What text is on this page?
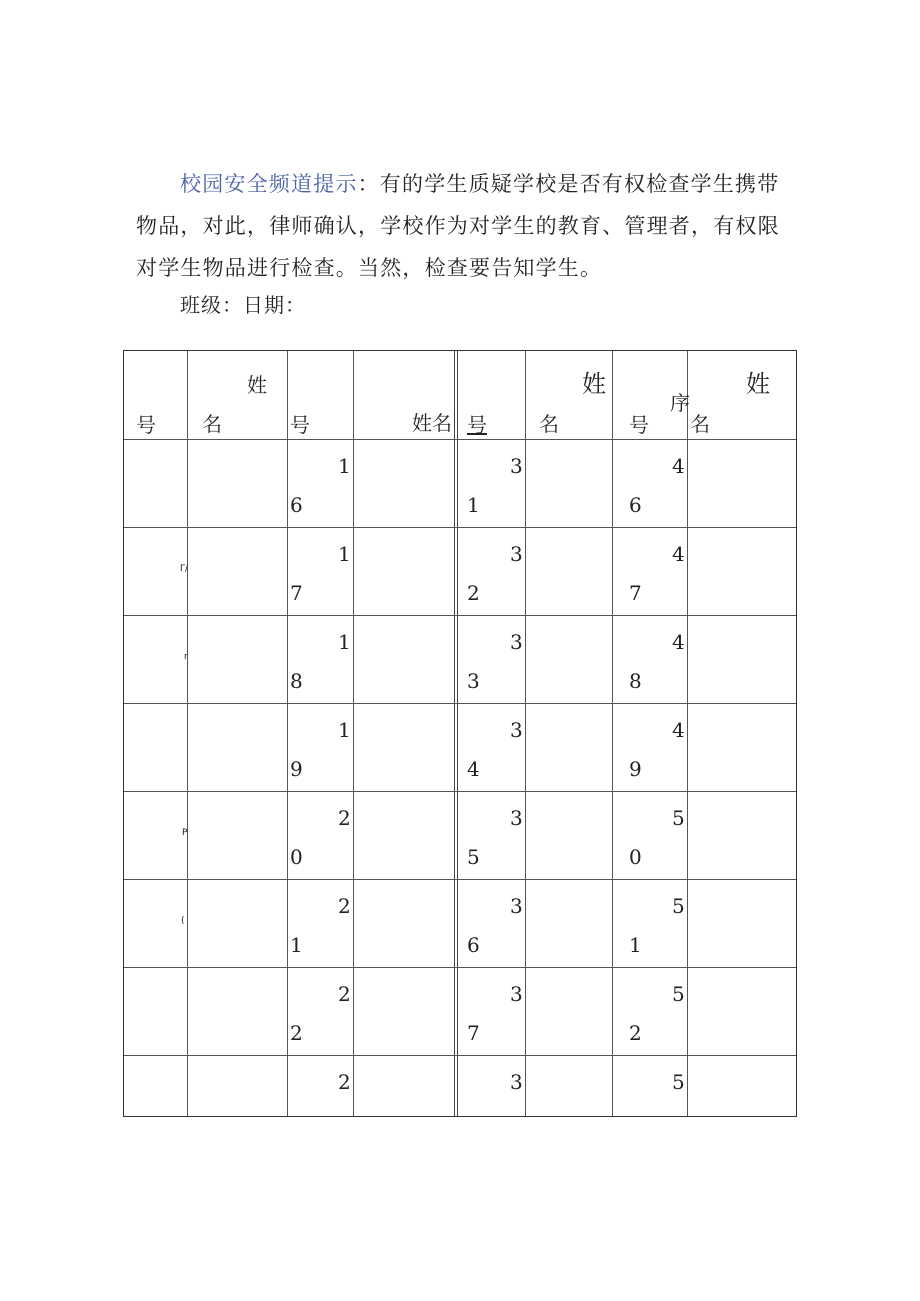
校园安全频道提示：有的学生质疑学校是否有权检查学生携带物品，对此，律师确认，学校作为对学生的教育、管理者，有权限对学生物品进行检查。当然，检查要告知学生。
班级：日期：
号
姓
名	号	姓名 号
姓
名
序
号
姓
名
Γ/
r
P
(
1
6
1
7
1
8
1
9
2
0
2
1
2
2
2
3
1
3
2
3
3
3
4
3
5
3
6
3
7
3
4
6
4
7
4
8
4
9
5
0
5
1
5
2
5
